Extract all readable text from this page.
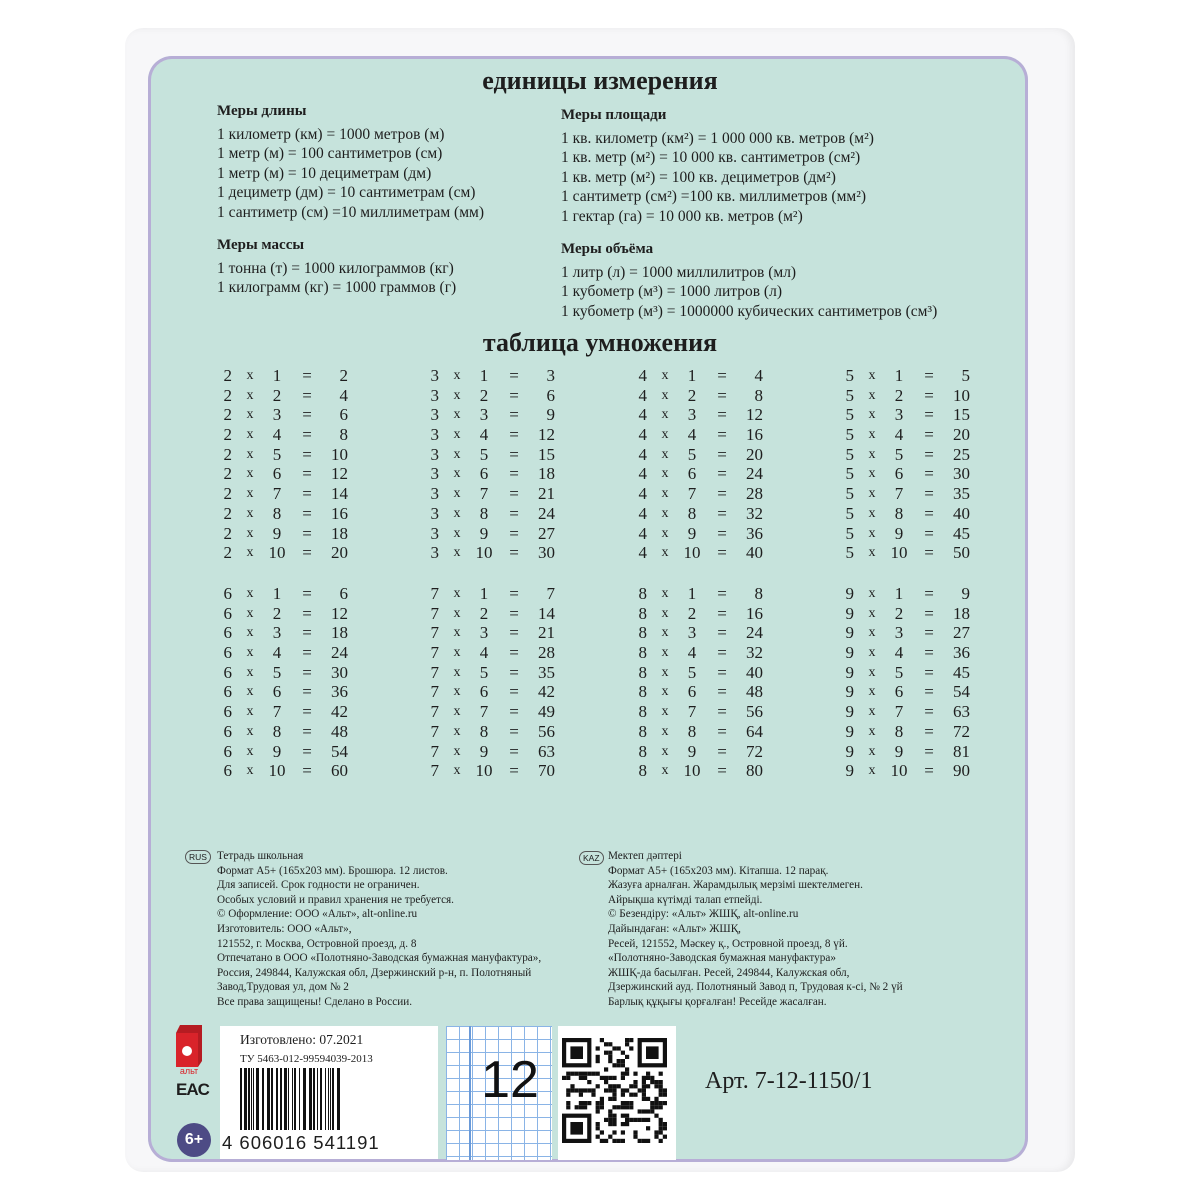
единицы измерения
Меры длины
1 километр (км) = 1000 метров (м)
1 метр (м) = 100 сантиметров (см)
1 метр (м) = 10 дециметрам (дм)
1 дециметр (дм) = 10 сантиметрам (см)
1 сантиметр (см) =10 миллиметрам (мм)
Меры массы
1 тонна (т) = 1000 килограммов (кг)
1 килограмм (кг) = 1000 граммов (г)
Меры площади
1 кв. километр (км²) = 1 000 000 кв. метров (м²)
1 кв. метр (м²) = 10 000 кв. сантиметров (см²)
1 кв. метр (м²) = 100 кв. дециметров (дм²)
1 сантиметр (см²) =100 кв. миллиметров (мм²)
1 гектар (га) = 10 000 кв. метров (м²)
Меры объёма
1 литр (л) = 1000 миллилитров (мл)
1 кубометр (м³) = 1000 литров (л)
1 кубометр (м³) = 1000000 кубических сантиметров (см³)
таблица умножения
2 x	1	=	2
2 x	2	=	4
2 x	3	=	6
2 x	4	=	8
2 x	5	=	10
2 x	6	=	12
2 x	7	=	14
2 x	8	=	16
2 x	9	=	18
2 x 10 =	20
3 x	1	=	3
3 x	2	=	6
3 x	3	=	9
3 x	4	=	12
3 x	5	=	15
3 x	6	=	18
3 x	7	=	21
3 x	8	=	24
3 x	9	=	27
3 x 10 =	30
4 x	1	=	4
4 x	2	=	8
4 x	3	=	12
4 x	4	=	16
4 x	5	=	20
4 x	6	=	24
4 x	7	=	28
4 x	8	=	32
4 x	9	=	36
4 x 10 =	40
5 x	1	=	5
5 x	2	=	10
5 x	3	=	15
5 x	4	=	20
5 x	5	=	25
5 x	6	=	30
5 x	7	=	35
5 x	8	=	40
5 x	9	=	45
5 x 10 =	50
6 x	1	=	6
6 x	2	=	12
6 x	3	=	18
6 x	4	=	24
6 x	5	=	30
6 x	6	=	36
6 x	7	=	42
6 x	8	=	48
6 x	9	=	54
6 x 10 =	60
7 x	1	=	7
7 x	2	=	14
7 x	3	=	21
7 x	4	=	28
7 x	5	=	35
7 x	6	=	42
7 x	7	=	49
7 x	8	=	56
7 x	9	=	63
7 x 10 =	70
8 x	1	=	8
8 x	2	=	16
8 x	3	=	24
8 x	4	=	32
8 x	5	=	40
8 x	6	=	48
8 x	7	=	56
8 x	8	=	64
8 x	9	=	72
8 x 10 =	80
9 x	1	=	9
9 x	2	=	18
9 x	3	=	27
9 x	4	=	36
9 x	5	=	45
9 x	6	=	54
9 x	7	=	63
9 x	8	=	72
9 x	9	=	81
9 x 10 =	90
RUS Тетрадь школьная
Формат А5+ (165х203 мм). Брошюра. 12 листов.
Для записей. Срок годности не ограничен.
Особых условий и правил хранения не требуется.
© Оформление: ООО «Альт», alt-online.ru
Изготовитель: ООО «Альт»,
121552, г. Москва, Островной проезд, д. 8
Отпечатано в ООО «Полотняно-Заводская бумажная мануфактура»,
Россия, 249844, Калужская обл, Дзержинский р-н, п. Полотняный
Завод,Трудовая ул, дом № 2
Все права защищены! Сделано в России.
KAZ Мектеп дәптері
Формат А5+ (165х203 мм). Кітапша. 12 парақ.
Жазуға арналған. Жарамдылық мерзімі шектелмеген.
Айрықша күтімді талап етпейді.
© Безендіру: «Альт» ЖШҚ, alt-online.ru
Дайындаған: «Альт» ЖШҚ,
Ресей, 121552, Мәскеу қ., Островной проезд, 8 үй.
«Полотняно-Заводская бумажная мануфактура»
ЖШҚ-да басылған. Ресей, 249844, Калужская обл,
Дзержинский ауд. Полотняный Завод п, Трудовая к-сі, № 2 үй
Барлық құқығы қорғалған! Ресейде жасалған.
альт
EAC
6+
Изготовлено: 07.2021
ТУ 5463-012-99594039-2013
4 606016 541191
12	Арт. 7-12-1150/1
